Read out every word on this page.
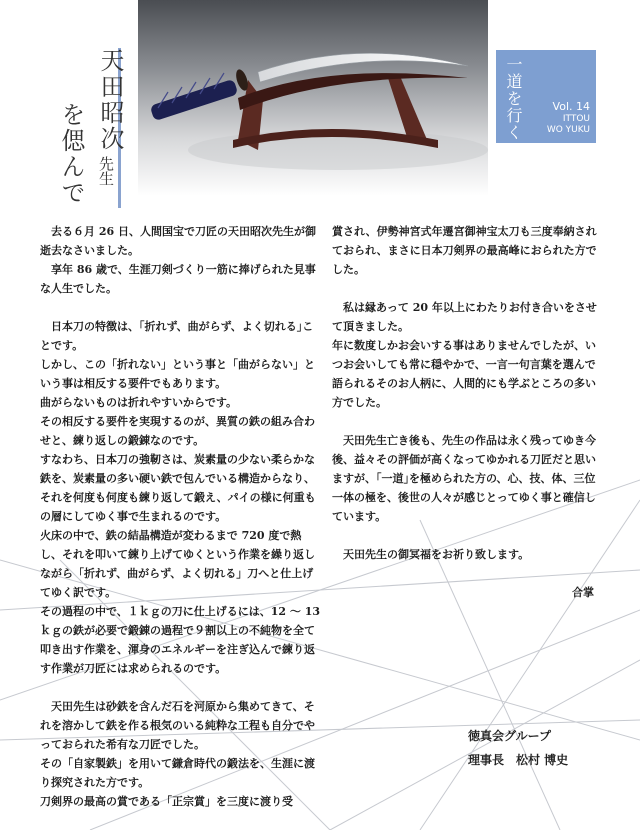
天田昭次
先生
を偲んで
一道を行く	Vol. 14
ITTOU
WO YUKU

　去る６月 26 日、人間国宝で刀匠の天田昭次先生が御逝去なさいました。

　享年 86 歳で、生涯刀剣づくり一筋に捧げられた見事な人生でした。

　日本刀の特徴は、｢折れず、曲がらず、よく切れる｣ことです。

しかし、この「折れない」という事と「曲がらない」という事は相反する要件でもあります。

曲がらないものは折れやすいからです。

その相反する要件を実現するのが、異質の鉄の組み合わせと、練り返しの鍛錬なのです。

すなわち、日本刀の強靭さは、炭素量の少ない柔らかな鉄を、炭素量の多い硬い鉄で包んでいる構造からなり、それを何度も何度も練り返して鍛え、パイの様に何重もの層にしてゆく事で生まれるのです。

火床の中で、鉄の結晶構造が変わるまで 720 度で熱し、それを叩いて練り上げてゆくという作業を繰り返しながら「折れず、曲がらず、よく切れる」刀へと仕上げてゆく訳です。

その過程の中で、１ｋｇの刀に仕上げるには、12 ～ 13ｋｇの鉄が必要で鍛錬の過程で９割以上の不純物を全て叩き出す作業を、渾身のエネルギーを注ぎ込んで練り返す作業が刀匠には求められるのです。

　天田先生は砂鉄を含んだ石を河原から集めてきて、それを溶かして鉄を作る根気のいる純粋な工程も自分でやっておられた希有な刀匠でした。

その「自家製鉄」を用いて鎌倉時代の鍛法を、生涯に渡り探究された方です。

刀剣界の最高の賞である「正宗賞」を三度に渡り受

賞され、伊勢神宮式年遷宮御神宝太刀も三度奉納されておられ、まさに日本刀剣界の最高峰におられた方でした。

　私は縁あって 20 年以上にわたりお付き合いをさせて頂きました。

年に数度しかお会いする事はありませんでしたが、いつお会いしても常に穏やかで、一言一句言葉を選んで語られるそのお人柄に、人間的にも学ぶところの多い方でした。

　天田先生亡き後も、先生の作品は永く残ってゆき今後、益々その評価が高くなってゆかれる刀匠だと思いますが、｢一道｣を極められた方の、心、技、体、三位一体の極を、後世の人々が感じとってゆく事と確信しています。

　天田先生の御冥福をお祈り致します。

合掌

徳真会グループ
理事長　松村 博史
